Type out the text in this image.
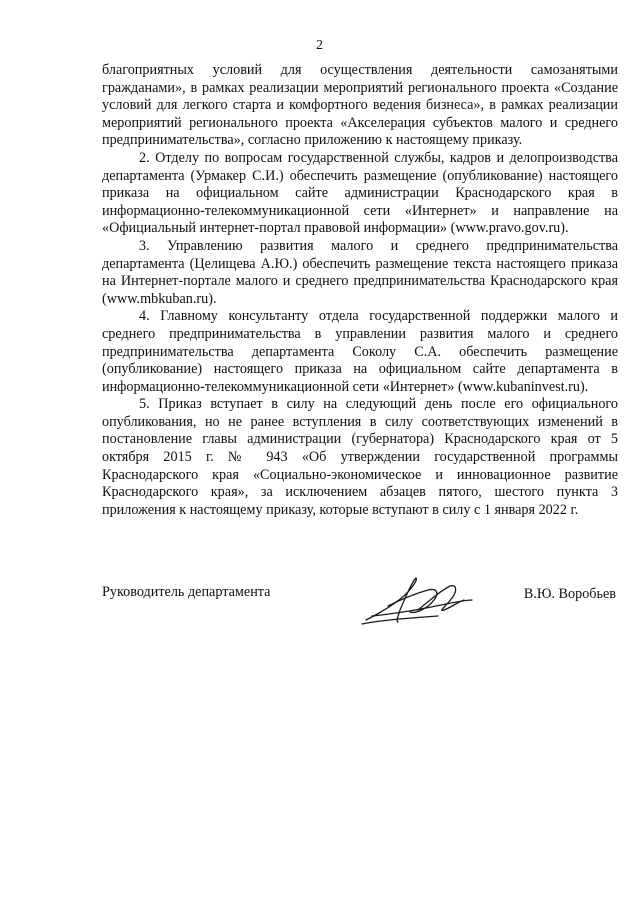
2

благоприятных условий для осуществления деятельности самозанятыми гражданами», в рамках реализации мероприятий регионального проекта «Создание условий для легкого старта и комфортного ведения бизнеса», в рамках реализации мероприятий регионального проекта «Акселерация субъектов малого и среднего предпринимательства», согласно приложению к настоящему приказу.

2. Отделу по вопросам государственной службы, кадров и делопроизводства департамента (Урмакер С.И.) обеспечить размещение (опубликование) настоящего приказа на официальном сайте администрации Краснодарского края в информационно-телекоммуникационной сети «Интернет» и направление на «Официальный интернет-портал правовой информации» (www.pravo.gov.ru).

3. Управлению развития малого и среднего предпринимательства департамента (Целищева А.Ю.) обеспечить размещение текста настоящего приказа на Интернет-портале малого и среднего предпринимательства Краснодарского края (www.mbkuban.ru).

4. Главному консультанту отдела государственной поддержки малого и среднего предпринимательства в управлении развития малого и среднего предпринимательства департамента Соколу С.А. обеспечить размещение (опубликование) настоящего приказа на официальном сайте департамента в информационно-телекоммуникационной сети «Интернет» (www.kubaninvest.ru).

5. Приказ вступает в силу на следующий день после его официального опубликования, но не ранее вступления в силу соответствующих изменений в постановление главы администрации (губернатора) Краснодарского края от 5 октября 2015 г. № 943 «Об утверждении государственной программы Краснодарского края «Социально-экономическое и инновационное развитие Краснодарского края», за исключением абзацев пятого, шестого пункта 3 приложения к настоящему приказу, которые вступают в силу с 1 января 2022 г.

Руководитель департамента	В.Ю. Воробьев
